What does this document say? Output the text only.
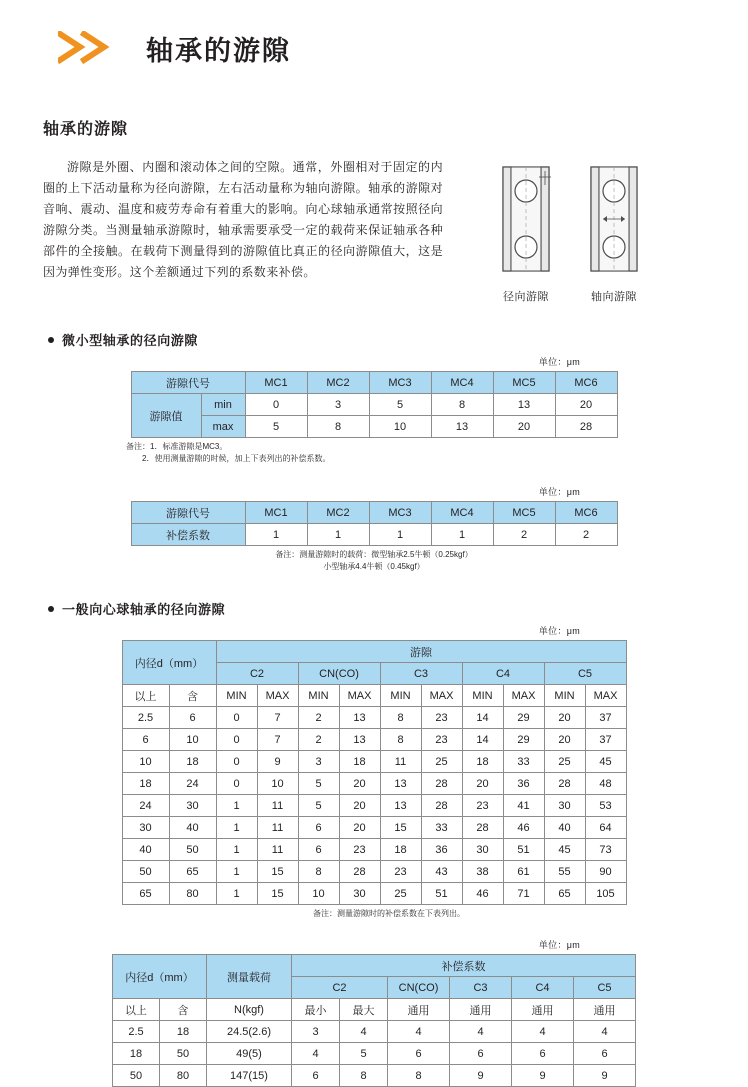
轴承的游隙
轴承的游隙
游隙是外圈、内圈和滚动体之间的空隙。通常，外圈相对于固定的内圈的上下活动量称为径向游隙，左右活动量称为轴向游隙。轴承的游隙对音响、震动、温度和疲劳寿命有着重大的影响。向心球轴承通常按照径向游隙分类。当测量轴承游隙时，轴承需要承受一定的载荷来保证轴承各种部件的全接触。在载荷下测量得到的游隙值比真正的径向游隙值大，这是因为弹性变形。这个差额通过下列的系数来补偿。
径向游隙	轴向游隙
微小型轴承的径向游隙
单位：μm
游隙代号		MC1	MC2	MC3	MC4	MC5	MC6
游隙值	min	0	3	5	8	13	20
	max	5	8	10	13	20	28
备注：1．标准游隙是MC3。
2．使用测量游隙的时候，加上下表列出的补偿系数。
单位：μm
游隙代号	MC1	MC2	MC3	MC4	MC5	MC6
补偿系数	1	1	1	1	2	2
备注：测量游隙时的载荷：微型轴承2.5牛顿（0.25kgf）
小型轴承4.4牛顿（0.45kgf）
一般向心球轴承的径向游隙
单位：μm
内径d（mm）		游隙									
		C2		CN(CO)		C3		C4		C5	
以上	含	MIN	MAX	MIN	MAX	MIN	MAX	MIN	MAX	MIN	MAX
2.5	6	0	7	2	13	8	23	14	29	20	37
6	10	0	7	2	13	8	23	14	29	20	37
10	18	0	9	3	18	11	25	18	33	25	45
18	24	0	10	5	20	13	28	20	36	28	48
24	30	1	11	5	20	13	28	23	41	30	53
30	40	1	11	6	20	15	33	28	46	40	64
40	50	1	11	6	23	18	36	30	51	45	73
50	65	1	15	8	28	23	43	38	61	55	90
65	80	1	15	10	30	25	51	46	71	65	105
备注：测量游隙时的补偿系数在下表列出。
单位：μm
内径d（mm）		测量载荷	补偿系数					
			C2		CN(CO)	C3	C4	C5
以上	含	N(kgf)	最小	最大	通用	通用	通用	通用
2.5	18	24.5(2.6)	3	4	4	4	4	4
18	50	49(5)	4	5	6	6	6	6
50	80	147(15)	6	8	8	9	9	9
